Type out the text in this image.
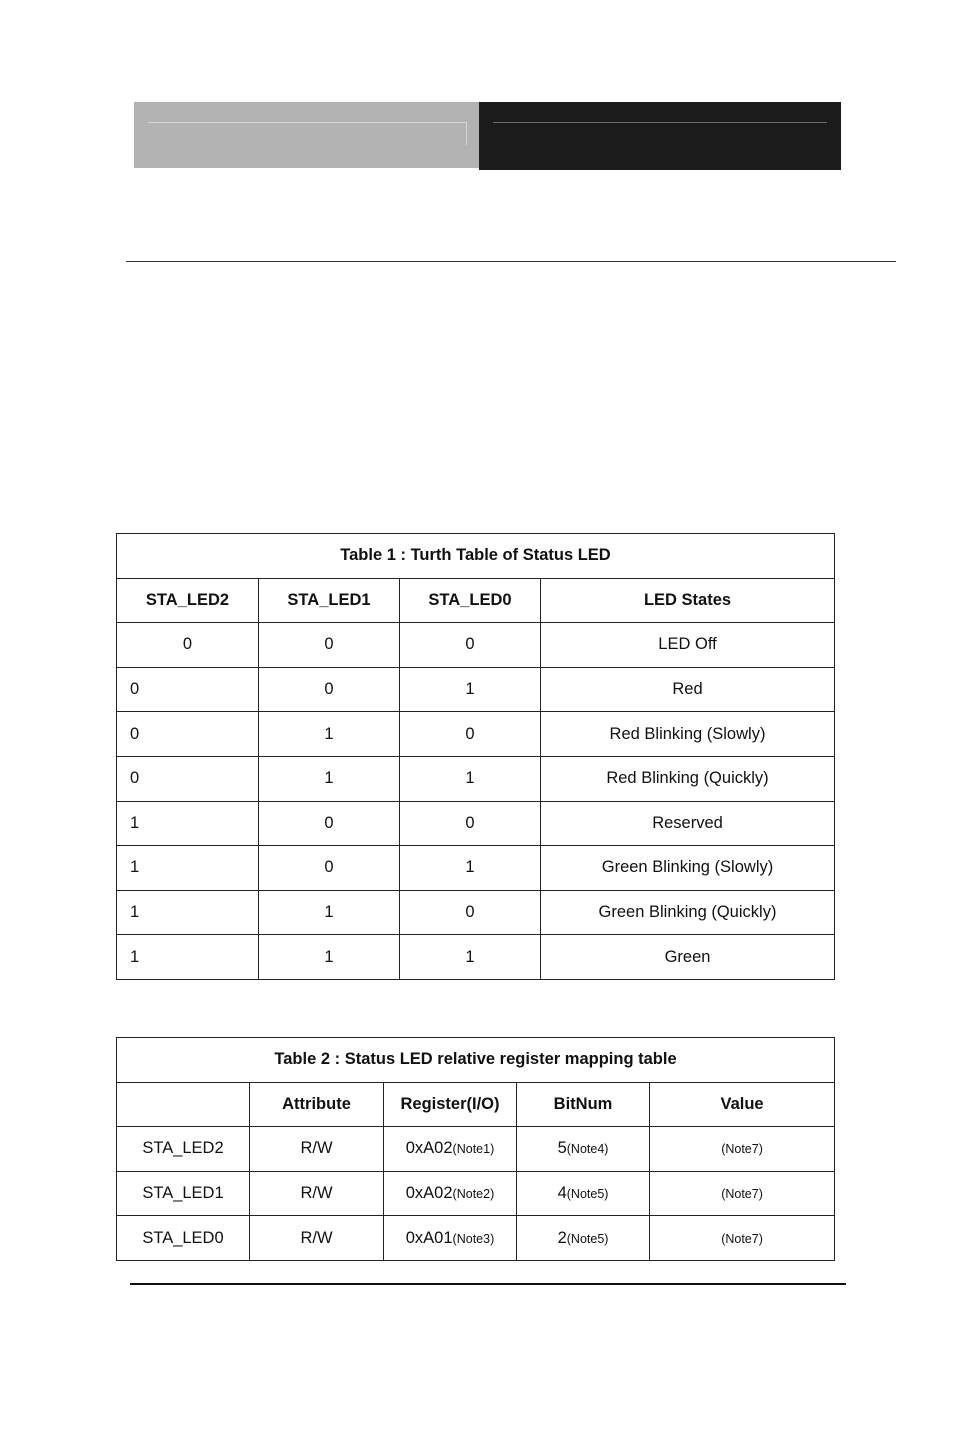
Table 1 : Turth Table of Status LED			
STA_LED2	STA_LED1	STA_LED0	LED States
0	0	0	LED Off
0	0	1	Red
0	1	0	Red Blinking (Slowly)
0	1	1	Red Blinking (Quickly)
1	0	0	Reserved
1	0	1	Green Blinking (Slowly)
1	1	0	Green Blinking (Quickly)
1	1	1	Green
Table 2 : Status LED relative register mapping table				
	Attribute	Register(I/O)	BitNum	Value
STA_LED2	R/W	0xA02(Note1)	5(Note4)	(Note7)
STA_LED1	R/W	0xA02(Note2)	4(Note5)	(Note7)
STA_LED0	R/W	0xA01(Note3)	2(Note5)	(Note7)
